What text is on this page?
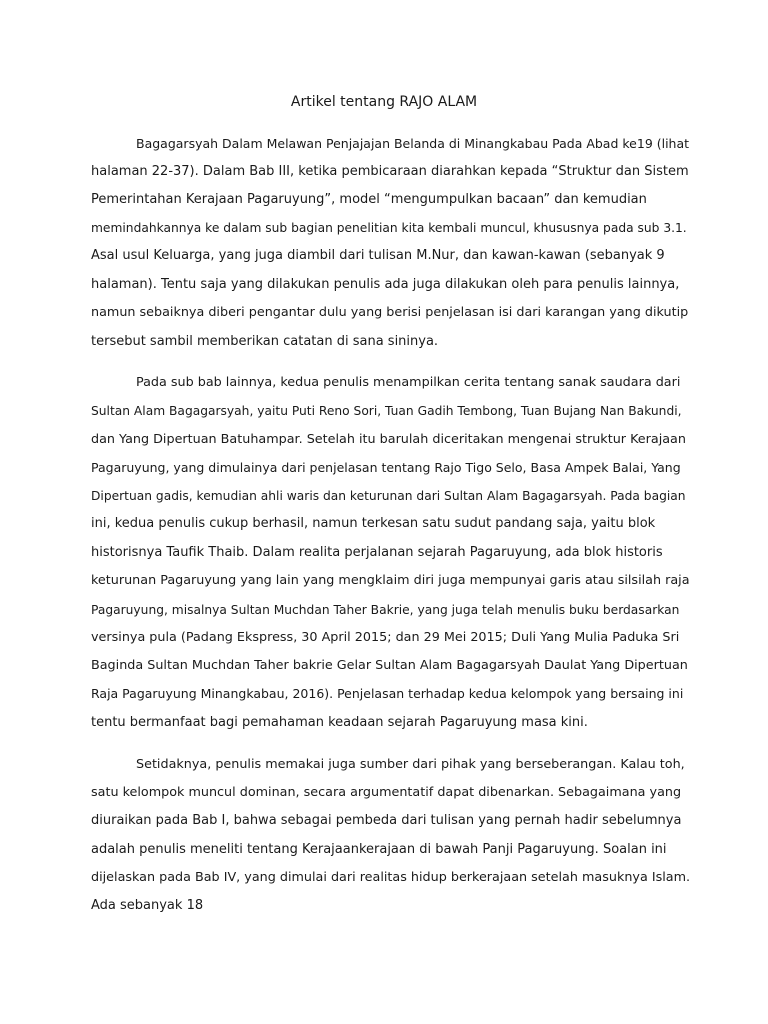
Artikel tentang RAJO ALAM
Bagagarsyah Dalam Melawan Penjajajan Belanda di Minangkabau Pada Abad ke19 (lihat
halaman 22-37). Dalam Bab III, ketika pembicaraan diarahkan kepada “Struktur dan Sistem
Pemerintahan Kerajaan Pagaruyung”, model “mengumpulkan bacaan” dan kemudian
memindahkannya ke dalam sub bagian penelitian kita kembali muncul, khususnya pada sub 3.1.
Asal usul Keluarga, yang juga diambil dari tulisan M.Nur, dan kawan-kawan (sebanyak 9
halaman). Tentu saja yang dilakukan penulis ada juga dilakukan oleh para penulis lainnya,
namun sebaiknya diberi pengantar dulu yang berisi penjelasan isi dari karangan yang dikutip
tersebut sambil memberikan catatan di sana sininya.
Pada sub bab lainnya, kedua penulis menampilkan cerita tentang sanak saudara dari
Sultan Alam Bagagarsyah, yaitu Puti Reno Sori, Tuan Gadih Tembong, Tuan Bujang Nan Bakundi,
dan Yang Dipertuan Batuhampar. Setelah itu barulah diceritakan mengenai struktur Kerajaan
Pagaruyung, yang dimulainya dari penjelasan tentang Rajo Tigo Selo, Basa Ampek Balai, Yang
Dipertuan gadis, kemudian ahli waris dan keturunan dari Sultan Alam Bagagarsyah. Pada bagian
ini, kedua penulis cukup berhasil, namun terkesan satu sudut pandang saja, yaitu blok
historisnya Taufik Thaib. Dalam realita perjalanan sejarah Pagaruyung, ada blok historis
keturunan Pagaruyung yang lain yang mengklaim diri juga mempunyai garis atau silsilah raja
Pagaruyung, misalnya Sultan Muchdan Taher Bakrie, yang juga telah menulis buku berdasarkan
versinya pula (Padang Ekspress, 30 April 2015; dan 29 Mei 2015; Duli Yang Mulia Paduka Sri
Baginda Sultan Muchdan Taher bakrie Gelar Sultan Alam Bagagarsyah Daulat Yang Dipertuan
Raja Pagaruyung Minangkabau, 2016). Penjelasan terhadap kedua kelompok yang bersaing ini
tentu bermanfaat bagi pemahaman keadaan sejarah Pagaruyung masa kini.
Setidaknya, penulis memakai juga sumber dari pihak yang berseberangan. Kalau toh,
satu kelompok muncul dominan, secara argumentatif dapat dibenarkan. Sebagaimana yang
diuraikan pada Bab I, bahwa sebagai pembeda dari tulisan yang pernah hadir sebelumnya
adalah penulis meneliti tentang Kerajaankerajaan di bawah Panji Pagaruyung. Soalan ini
dijelaskan pada Bab IV, yang dimulai dari realitas hidup berkerajaan setelah masuknya Islam.
Ada sebanyak 18
